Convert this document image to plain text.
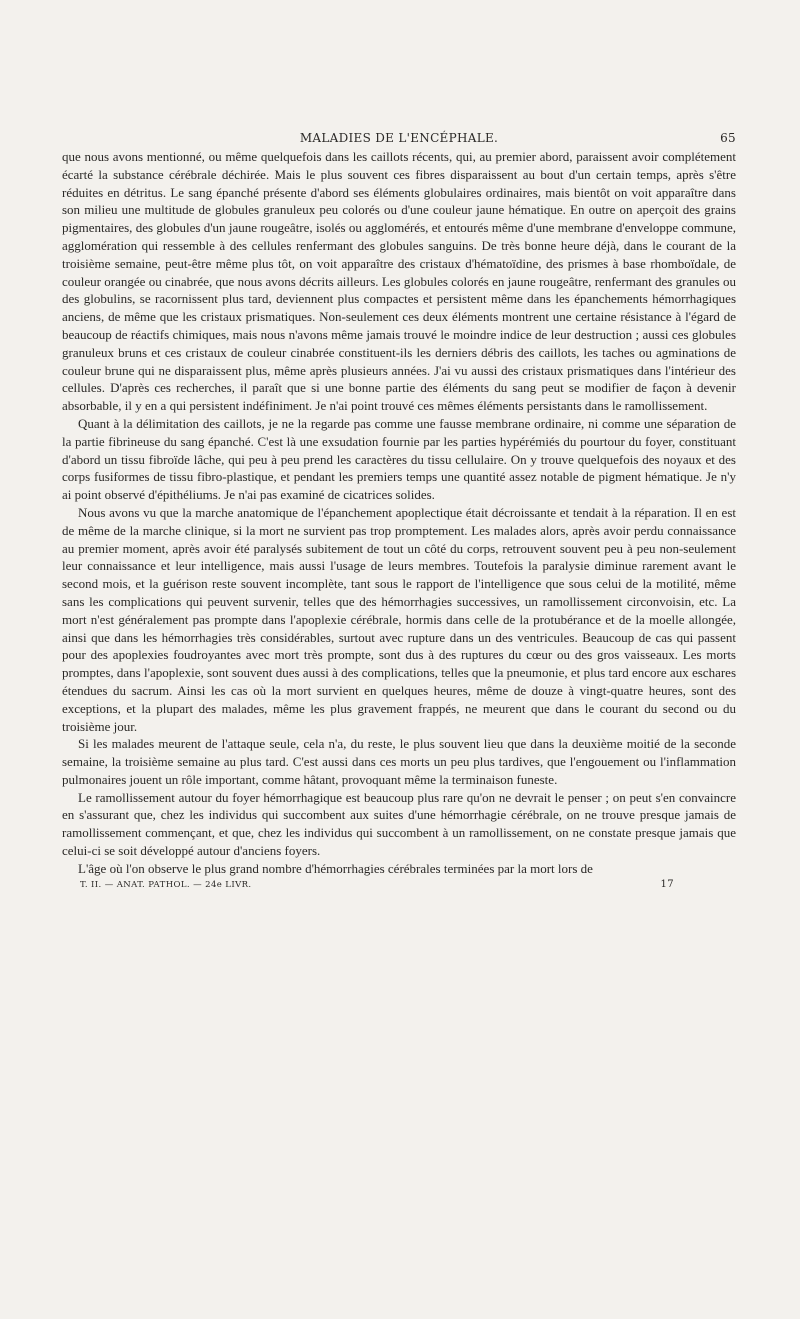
MALADIES DE L'ENCÉPHALE.	65

que nous avons mentionné, ou même quelquefois dans les caillots récents, qui, au premier abord, paraissent avoir complétement écarté la substance cérébrale déchirée. Mais le plus souvent ces fibres disparaissent au bout d'un certain temps, après s'être réduites en détritus. Le sang épanché présente d'abord ses éléments globulaires ordinaires, mais bientôt on voit apparaître dans son milieu une multitude de globules granuleux peu colorés ou d'une couleur jaune hématique. En outre on aperçoit des grains pigmentaires, des globules d'un jaune rougeâtre, isolés ou agglomérés, et entourés même d'une membrane d'enveloppe commune, agglomération qui ressemble à des cellules renfermant des globules sanguins. De très bonne heure déjà, dans le courant de la troisième semaine, peut-être même plus tôt, on voit apparaître des cristaux d'hématoïdine, des prismes à base rhomboïdale, de couleur orangée ou cinabrée, que nous avons décrits ailleurs. Les globules colorés en jaune rougeâtre, renfermant des granules ou des globulins, se racornissent plus tard, deviennent plus compactes et persistent même dans les épanchements hémorrhagiques anciens, de même que les cristaux prismatiques. Non-seulement ces deux éléments montrent une certaine résistance à l'égard de beaucoup de réactifs chimiques, mais nous n'avons même jamais trouvé le moindre indice de leur destruction ; aussi ces globules granuleux bruns et ces cristaux de couleur cinabrée constituent-ils les derniers débris des caillots, les taches ou agminations de couleur brune qui ne disparaissent plus, même après plusieurs années. J'ai vu aussi des cristaux prismatiques dans l'intérieur des cellules. D'après ces recherches, il paraît que si une bonne partie des éléments du sang peut se modifier de façon à devenir absorbable, il y en a qui persistent indéfiniment. Je n'ai point trouvé ces mêmes éléments persistants dans le ramollissement.

Quant à la délimitation des caillots, je ne la regarde pas comme une fausse membrane ordinaire, ni comme une séparation de la partie fibrineuse du sang épanché. C'est là une exsudation fournie par les parties hypérémiés du pourtour du foyer, constituant d'abord un tissu fibroïde lâche, qui peu à peu prend les caractères du tissu cellulaire. On y trouve quelquefois des noyaux et des corps fusiformes de tissu fibro-plastique, et pendant les premiers temps une quantité assez notable de pigment hématique. Je n'y ai point observé d'épithéliums. Je n'ai pas examiné de cicatrices solides.

Nous avons vu que la marche anatomique de l'épanchement apoplectique était décroissante et tendait à la réparation. Il en est de même de la marche clinique, si la mort ne survient pas trop promptement. Les malades alors, après avoir perdu connaissance au premier moment, après avoir été paralysés subitement de tout un côté du corps, retrouvent souvent peu à peu non-seulement leur connaissance et leur intelligence, mais aussi l'usage de leurs membres. Toutefois la paralysie diminue rarement avant le second mois, et la guérison reste souvent incomplète, tant sous le rapport de l'intelligence que sous celui de la motilité, même sans les complications qui peuvent survenir, telles que des hémorrhagies successives, un ramollissement circonvoisin, etc. La mort n'est généralement pas prompte dans l'apoplexie cérébrale, hormis dans celle de la protubérance et de la moelle allongée, ainsi que dans les hémorrhagies très considérables, surtout avec rupture dans un des ventricules. Beaucoup de cas qui passent pour des apoplexies foudroyantes avec mort très prompte, sont dus à des ruptures du cœur ou des gros vaisseaux. Les morts promptes, dans l'apoplexie, sont souvent dues aussi à des complications, telles que la pneumonie, et plus tard encore aux eschares étendues du sacrum. Ainsi les cas où la mort survient en quelques heures, même de douze à vingt-quatre heures, sont des exceptions, et la plupart des malades, même les plus gravement frappés, ne meurent que dans le courant du second ou du troisième jour.

Si les malades meurent de l'attaque seule, cela n'a, du reste, le plus souvent lieu que dans la deuxième moitié de la seconde semaine, la troisième semaine au plus tard. C'est aussi dans ces morts un peu plus tardives, que l'engouement ou l'inflammation pulmonaires jouent un rôle important, comme hâtant, provoquant même la terminaison funeste.

Le ramollissement autour du foyer hémorrhagique est beaucoup plus rare qu'on ne devrait le penser ; on peut s'en convaincre en s'assurant que, chez les individus qui succombent aux suites d'une hémorrhagie cérébrale, on ne trouve presque jamais de ramollissement commençant, et que, chez les individus qui succombent à un ramollissement, on ne constate presque jamais que celui-ci se soit développé autour d'anciens foyers.

L'âge où l'on observe le plus grand nombre d'hémorrhagies cérébrales terminées par la mort lors de

T. II. — ANAT. PATHOL. — 24e LIVR.	17
